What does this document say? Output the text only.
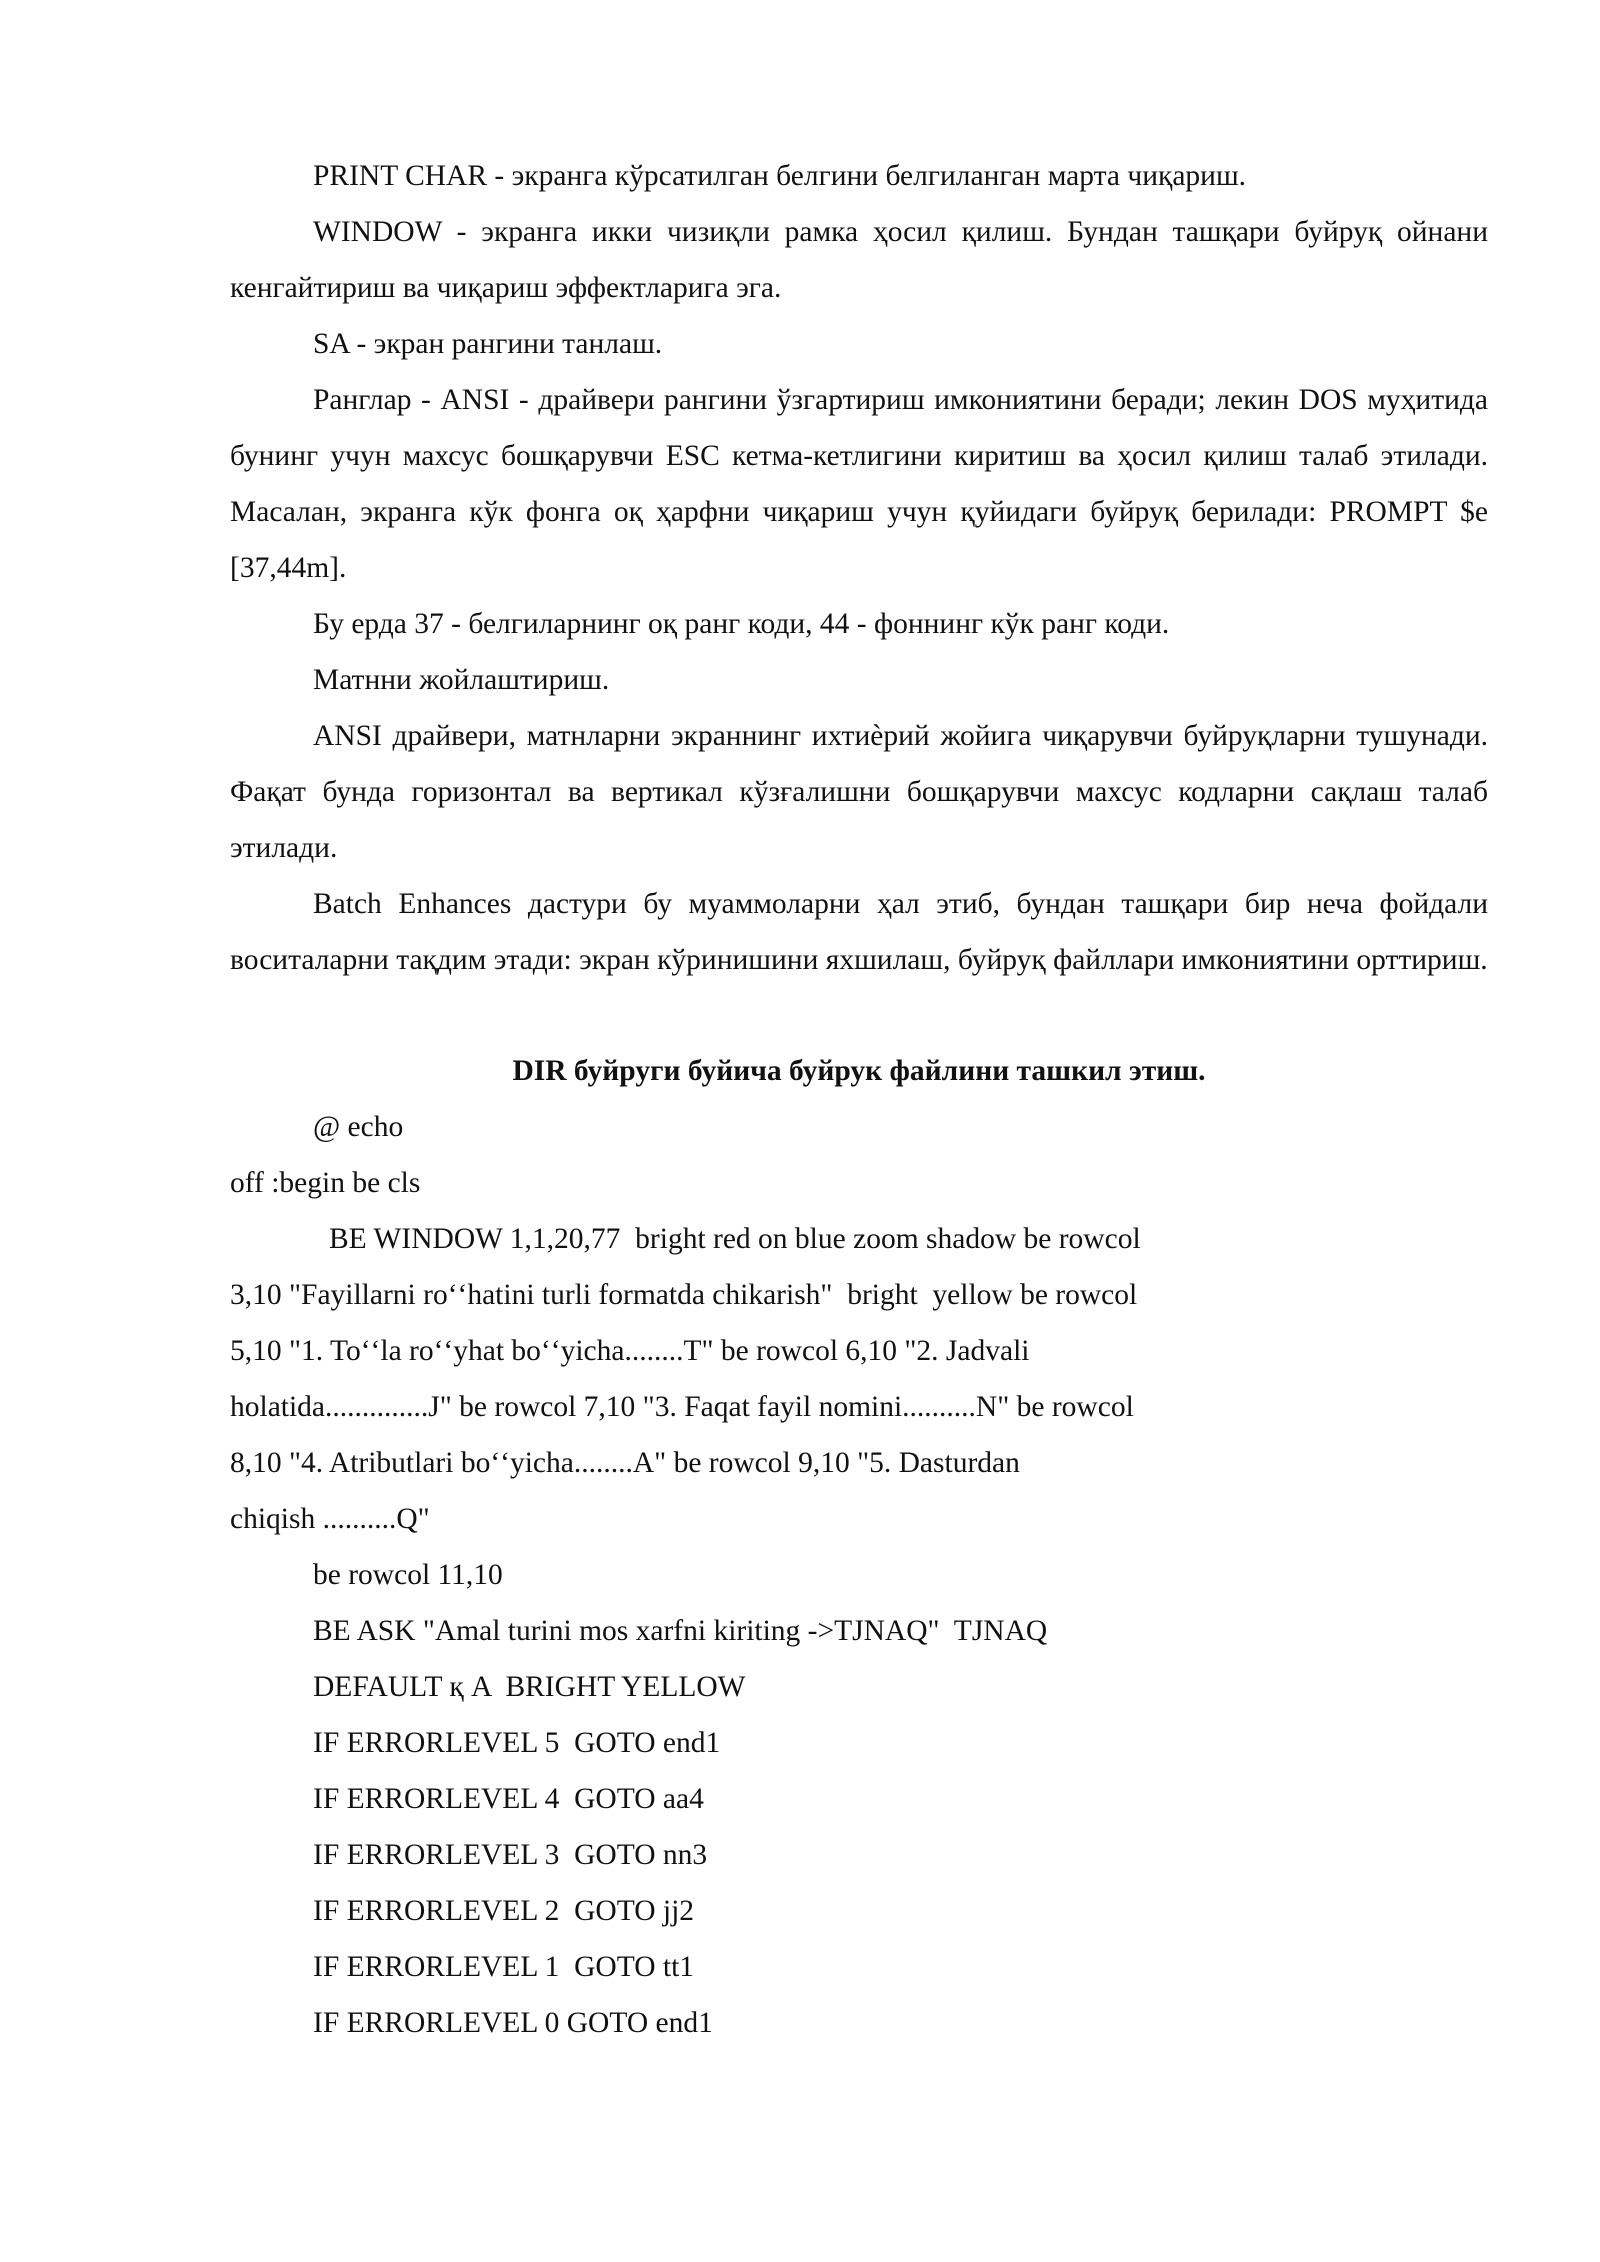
PRINT CHAR - экранга кўрсатилган белгини белгиланган марта чиқариш.

WINDOW - экранга икки чизиқли рамка ҳосил қилиш. Бундан ташқари буйруқ ойнани кенгайтириш ва чиқариш эффектларига эга.

SA - экран рангини танлаш.

Ранглар - ANSI - драйвери рангини ўзгартириш имкониятини беради; лекин DOS муҳитида бунинг учун махсус бошқарувчи ESC кетма-кетлигини киритиш ва ҳосил қилиш талаб этилади. Масалан, экранга кўк фонга оқ ҳарфни чиқариш учун қуйидаги буйруқ берилади: PROMPT $e [37,44m].

Бу ерда 37 - белгиларнинг оқ ранг коди, 44 - фоннинг кўк ранг коди.

Матнни жойлаштириш.

ANSI драйвери, матнларни экраннинг ихтиѐрий жойига чиқарувчи буйруқларни тушунади. Фақат бунда горизонтал ва вертикал кўзғалишни бошқарувчи махсус кодларни сақлаш талаб этилади.

Batch Enhances дастури бу муаммоларни ҳал этиб, бундан ташқари бир неча фойдали воситаларни тақдим этади: экран кўринишини яхшилаш, буйруқ файллари имкониятини орттириш.

DIR буйруги буйича буйрук файлини ташкил этиш.

@ echo

off :begin be cls

BE WINDOW 1,1,20,77  bright red on blue zoom shadow be rowcol

3,10 "Fayillarni roʻʻhatini turli formatda chikarish"  bright  yellow be rowcol

5,10 "1. Toʻʻla roʻʻyhat boʻʻyicha........T" be rowcol 6,10 "2. Jadvali

holatida..............J" be rowcol 7,10 "3. Faqat fayil nomini..........N" be rowcol

8,10 "4. Atributlari boʻʻyicha........A" be rowcol 9,10 "5. Dasturdan

chiqish ..........Q"

be rowcol 11,10

BE ASK "Amal turini mos xarfni kiriting ->TJNAQ"  TJNAQ

DEFAULT қ A  BRIGHT YELLOW

IF ERRORLEVEL 5  GOTO end1

IF ERRORLEVEL 4  GOTO aa4

IF ERRORLEVEL 3  GOTO nn3

IF ERRORLEVEL 2  GOTO jj2

IF ERRORLEVEL 1  GOTO tt1

IF ERRORLEVEL 0 GOTO end1
